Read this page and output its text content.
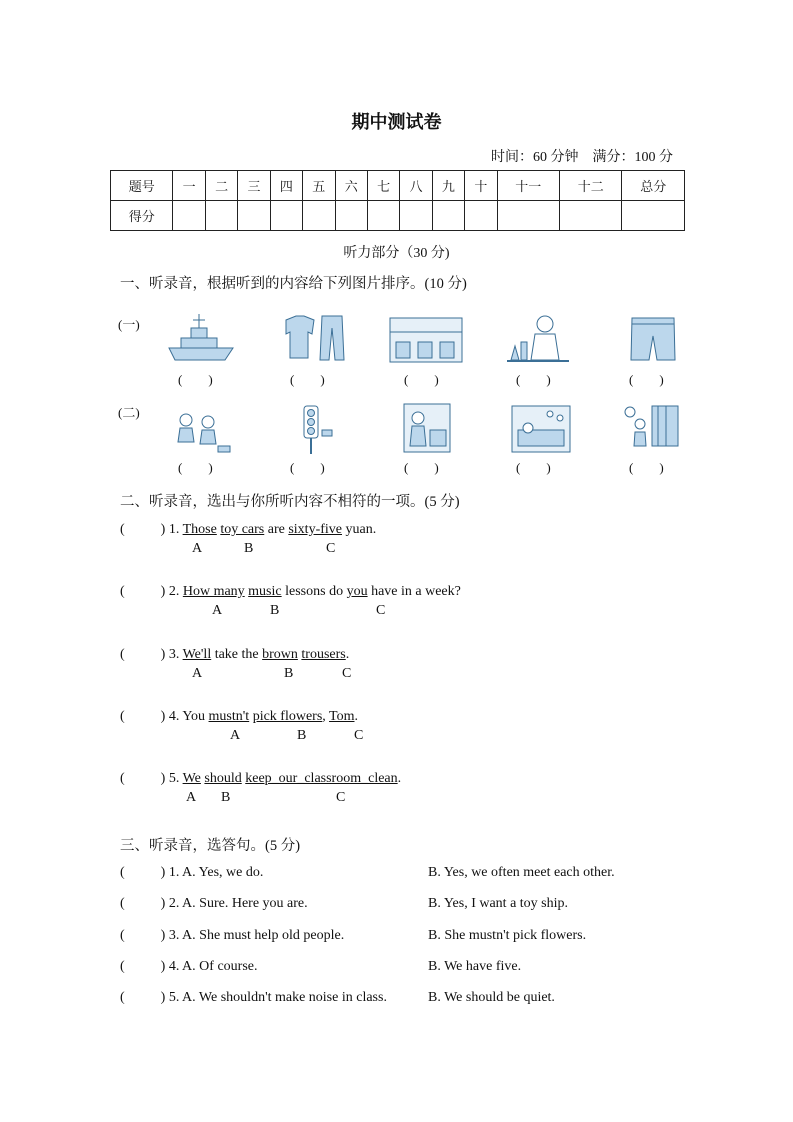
期中测试卷
时间：60 分钟　满分：100 分
题号	一	二	三	四	五	六	七	八	九	十	十一	十二	总分
得分													
听力部分（30 分)
一、听录音，根据听到的内容给下列图片排序。(10 分)
(一)
(二)
(　　)	(　　)	(　　)	(　　)	(　　)
(　　)	(　　)	(　　)	(　　)	(　　)
二、听录音，选出与你所听内容不相符的一项。(5 分)
(	) 1. Those toy cars are sixty-five yuan.
A	B	C
(	) 2. How many music lessons do you have in a week?
A	B	C
(	) 3. We'll take the brown trousers.
A	B	C
(	) 4. You mustn't pick flowers, Tom.
A	B	C
(	) 5. We should keep_our_classroom_clean.
A B	C
三、听录音，选答句。(5 分)
(	) 1. A. Yes, we do.	B. Yes, we often meet each other.
(	) 2. A. Sure. Here you are.	B. Yes, I want a toy ship.
(	) 3. A. She must help old people.	B. She mustn't pick flowers.
(	) 4. A. Of course.	B. We have five.
(	) 5. A. We shouldn't make noise in class.	B. We should be quiet.
